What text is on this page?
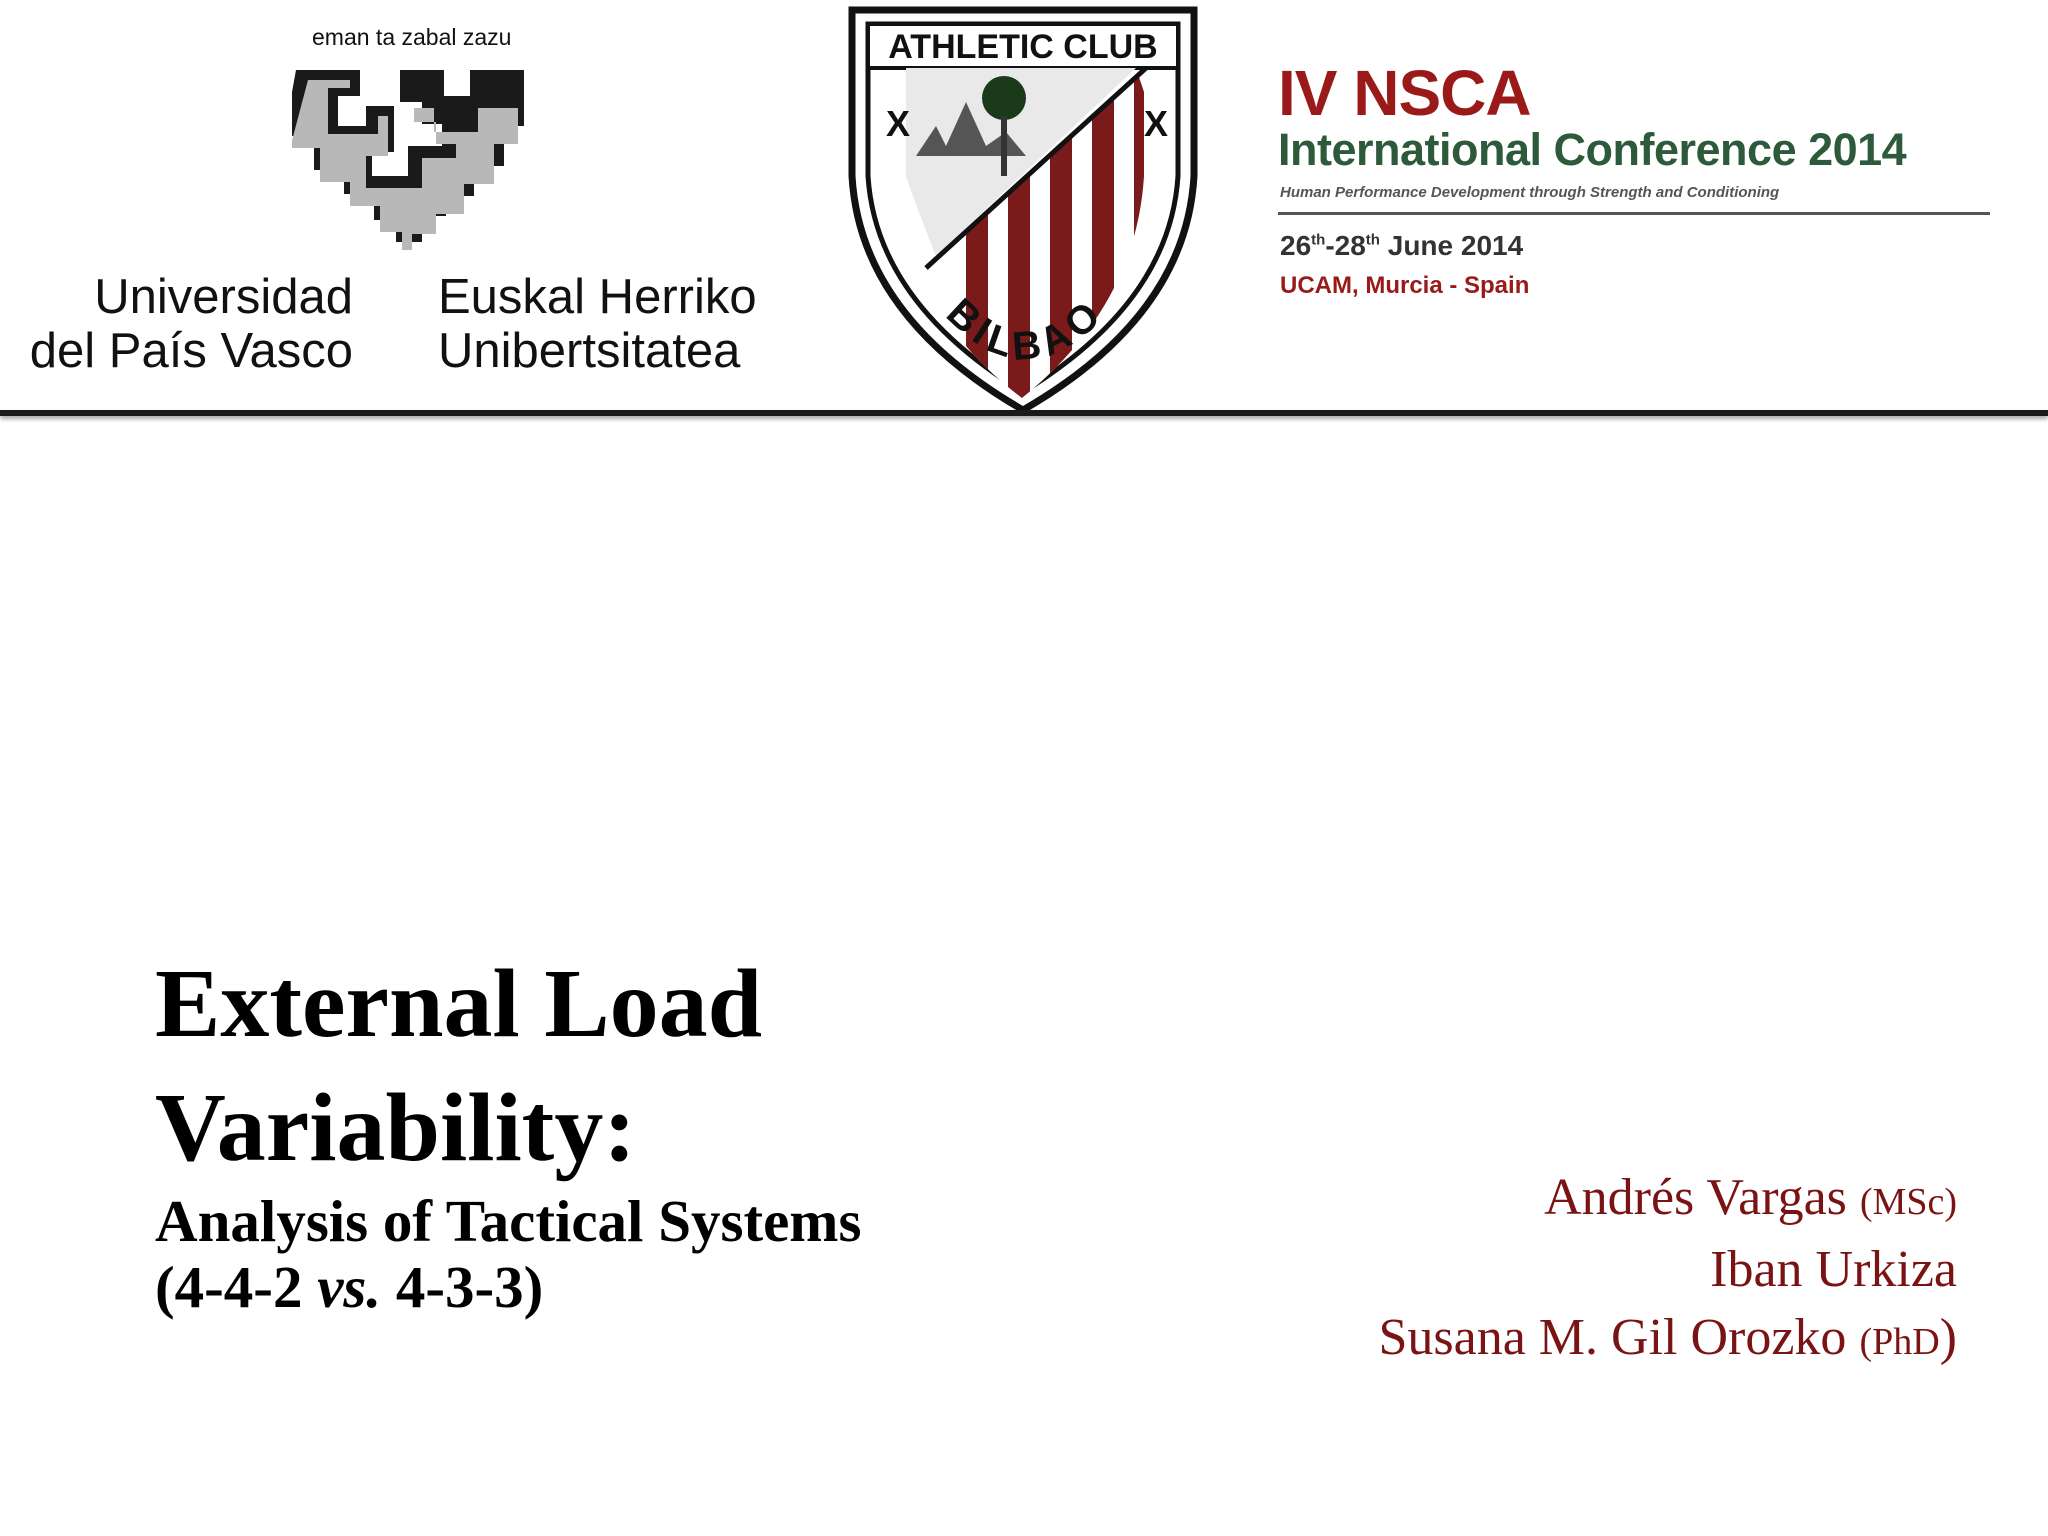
eman ta zabal zazu
Universidad
del País Vasco
Euskal Herriko
Unibertsitatea
ATHLETIC CLUB
X	X
BILBAO
IV NSCA
International Conference 2014
Human Performance Development through Strength and Conditioning
26th-28th June 2014
UCAM, Murcia - Spain
External Load
Variability:
Analysis of Tactical Systems
(4-4-2 vs. 4-3-3)
Andrés Vargas (MSc)
Iban Urkiza
Susana M. Gil Orozko (PhD)
